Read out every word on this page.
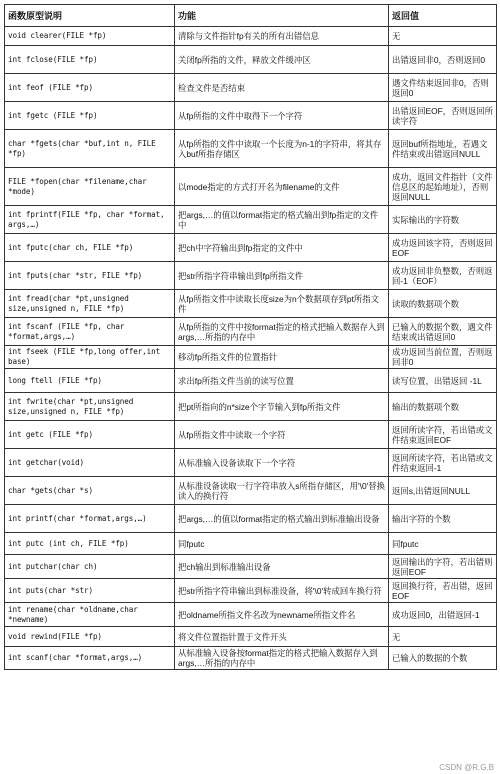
函数原型说明	功能	返回值
void clearer(FILE *fp)	清除与文件指针fp有关的所有出错信息	无
int fclose(FILE *fp)	关闭fp所指的文件，释放文件缓冲区	出错返回非0，否则返回0
int feof (FILE *fp)	检查文件是否结束	遇文件结束返回非0，否则返回0
int fgetc (FILE *fp)	从fp所指的文件中取得下一个字符	出错返回EOF，否则返回所读字符
char *fgets(char *buf,int n, FILE *fp)	从fp所指的文件中读取一个长度为n-1的字符串，将其存入buf所指存储区	返回buf所指地址，若遇文件结束或出错返回NULL
FILE *fopen(char *filename,char *mode)	以mode指定的方式打开名为filename的文件	成功，返回文件指针（文件信息区的起始地址），否则返回NULL
int fprintf(FILE *fp, char *format, args,…)	把args,…的值以format指定的格式输出到fp指定的文件中	实际输出的字符数
int fputc(char ch, FILE *fp)	把ch中字符输出到fp指定的文件中	成功返回该字符，否则返回EOF
int fputs(char *str, FILE *fp)	把str所指字符串输出到fp所指文件	成功返回非负整数，否则返回-1（EOF）
int fread(char *pt,unsigned size,unsigned n, FILE *fp)	从fp所指文件中读取长度size为n个数据项存到pt所指文件	读取的数据项个数
int fscanf (FILE *fp, char *format,args,…)	从fp所指的文件中按format指定的格式把输入数据存入到args,…所指的内存中	已输入的数据个数，遇文件结束或出错返回0
int fseek (FILE *fp,long offer,int base)	移动fp所指文件的位置指针	成功返回当前位置，否则返回非0
long ftell (FILE *fp)	求出fp所指文件当前的读写位置	读写位置，出错返回 -1L
int fwrite(char *pt,unsigned size,unsigned n, FILE *fp)	把pt所指向的n*size个字节输入到fp所指文件	输出的数据项个数
int getc (FILE *fp)	从fp所指文件中读取一个字符	返回所读字符，若出错或文件结束返回EOF
int getchar(void)	从标准输入设备读取下一个字符	返回所读字符，若出错或文件结束返回-1
char *gets(char *s)	从标准设备读取一行字符串放入s所指存储区，用'\0'替换读入的换行符	返回s,出错返回NULL
int printf(char *format,args,…)	把args,…的值以format指定的格式输出到标准输出设备	输出字符的个数
int putc (int ch, FILE *fp)	同fputc	同fputc
int putchar(char ch)	把ch输出到标准输出设备	返回输出的字符，若出错则返回EOF
int puts(char *str)	把str所指字符串输出到标准设备，将'\0'转成回车换行符	返回换行符，若出错，返回EOF
int rename(char *oldname,char *newname)	把oldname所指文件名改为newname所指文件名	成功返回0，出错返回-1
void rewind(FILE *fp)	将文件位置指针置于文件开头	无
int scanf(char *format,args,…)	从标准输入设备按format指定的格式把输入数据存入到args,…所指的内存中	已输入的数据的个数
CSDN @R.G.B
